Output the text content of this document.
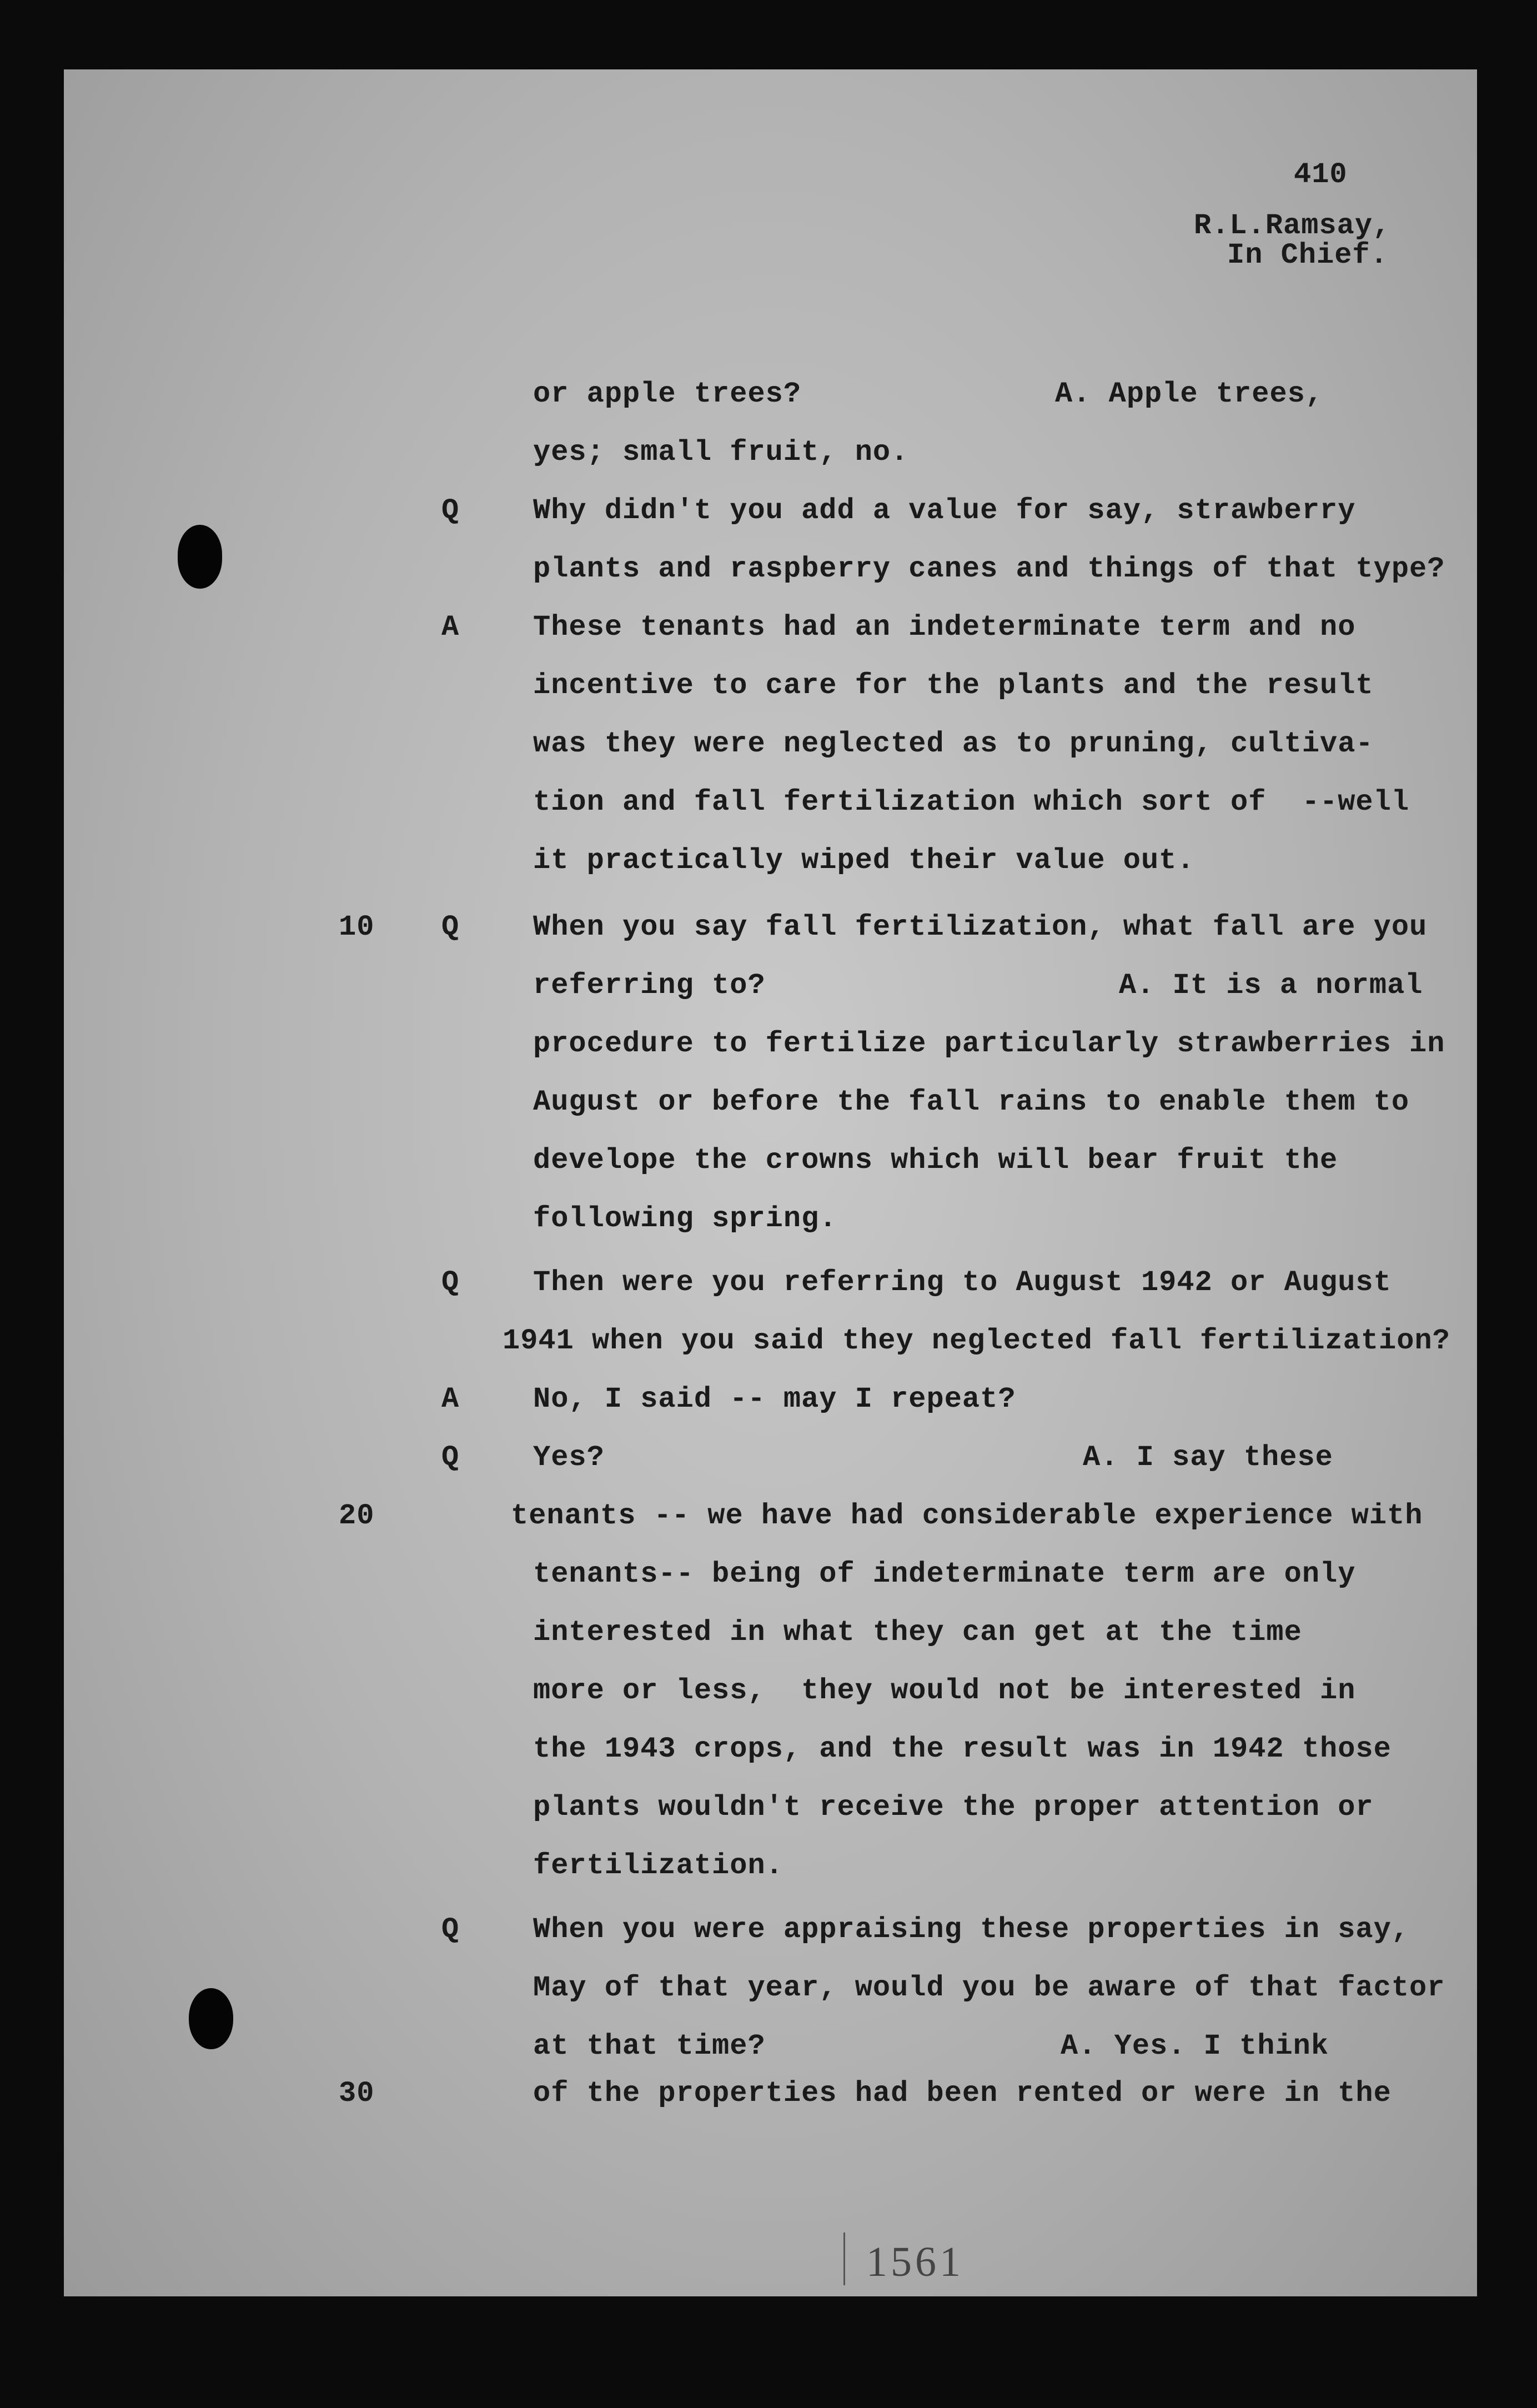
410
R.L.Ramsay,
In Chief.
10
20
30
or apple trees?	A. Apple trees,
yes; small fruit, no.
Q	Why didn't you add a value for say, strawberry
plants and raspberry canes and things of that type?
A	These tenants had an indeterminate term and no
incentive to care for the plants and the result
was they were neglected as to pruning, cultiva-
tion and fall fertilization which sort of  --well
it practically wiped their value out.
Q	When you say fall fertilization, what fall are you
referring to?	A. It is a normal
procedure to fertilize particularly strawberries in
August or before the fall rains to enable them to
develope the crowns which will bear fruit the
following spring.
Q	Then were you referring to August 1942 or August
1941 when you said they neglected fall fertilization?
A	No, I said -- may I repeat?
Q	Yes?	A. I say these
tenants -- we have had considerable experience with
tenants-- being of indeterminate term are only
interested in what they can get at the time
more or less,  they would not be interested in
the 1943 crops, and the result was in 1942 those
plants wouldn't receive the proper attention or
fertilization.
Q	When you were appraising these properties in say,
May of that year, would you be aware of that factor
at that time?	A. Yes. I think
of the properties had been rented or were in the
1561
